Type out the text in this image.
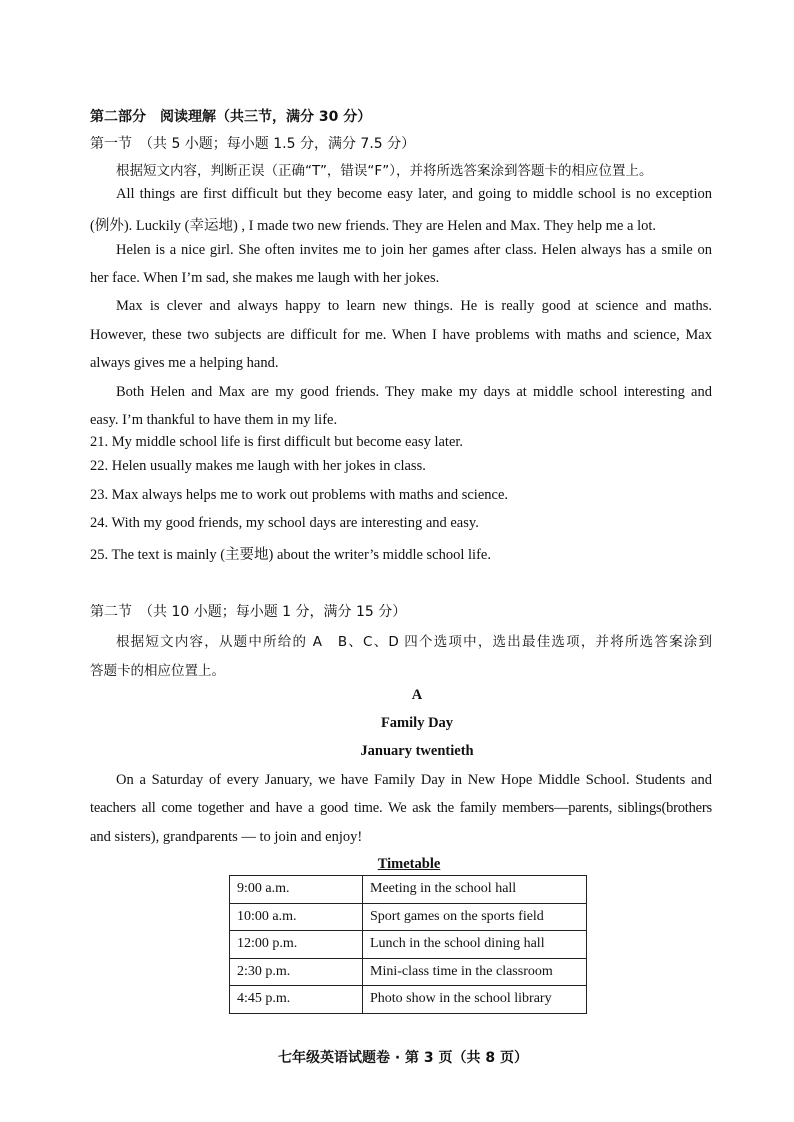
第二部分　阅读理解（共三节，满分 30 分）
第一节　（共 5 小题；每小题 1.5 分，满分 7.5 分）
根据短文内容，判断正误（正确“T”，错误“F”），并将所选答案涂到答题卡的相应位置上。
All things are first difficult but they become easy later, and going to middle school is no exception
(例外). Luckily (幸运地) , I made two new friends. They are Helen and Max. They help me a lot.
Helen is a nice girl. She often invites me to join her games after class. Helen always has a smile on
her face. When I’m sad, she makes me laugh with her jokes.
Max is clever and always happy to learn new things. He is really good at science and maths.
However, these two subjects are difficult for me. When I have problems with maths and science, Max
always gives me a helping hand.
Both Helen and Max are my good friends. They make my days at middle school interesting and
easy. I’m thankful to have them in my life.
21. My middle school life is first difficult but become easy later.
22. Helen usually makes me laugh with her jokes in class.
23. Max always helps me to work out problems with maths and science.
24. With my good friends, my school days are interesting and easy.
25. The text is mainly (主要地) about the writer’s middle school life.
第二节　（共 10 小题；每小题 1 分，满分 15 分）
根据短文内容，从题中所给的 A　B、C、D 四个选项中，选出最佳选项，并将所选答案涂到
答题卡的相应位置上。
A
Family Day
January twentieth
On a Saturday of every January, we have Family Day in New Hope Middle School. Students and
teachers all come together and have a good time. We ask the family members—parents, siblings(brothers
and sisters), grandparents — to join and enjoy!
Timetable
9:00 a.m.	Meeting in the school hall
10:00 a.m.	Sport games on the sports field
12:00 p.m.	Lunch in the school dining hall
2:30 p.m.	Mini-class time in the classroom
4:45 p.m.	Photo show in the school library
七年级英语试题卷 · 第 3 页（共 8 页）
